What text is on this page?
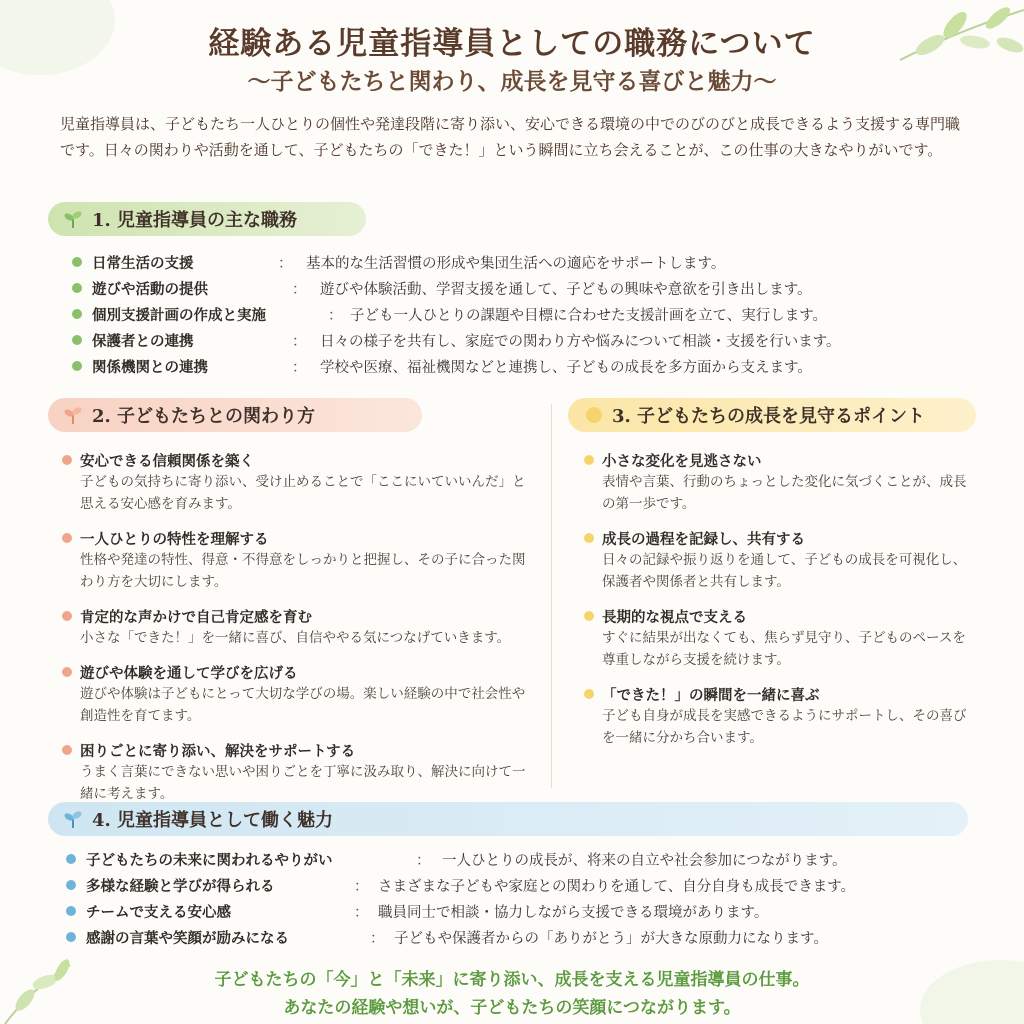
経験ある児童指導員としての職務について
〜子どもたちと関わり、成長を見守る喜びと魅力〜
児童指導員は、子どもたち一人ひとりの個性や発達段階に寄り添い、安心できる環境の中でのびのびと成長できるよう支援する専門職です。日々の関わりや活動を通して、子どもたちの「できた！」という瞬間に立ち会えることが、この仕事の大きなやりがいです。
1. 児童指導員の主な職務
日常生活の支援	： 基本的な生活習慣の形成や集団生活への適応をサポートします。
遊びや活動の提供	： 遊びや体験活動、学習支援を通して、子どもの興味や意欲を引き出します。
個別支援計画の作成と実施	： 子ども一人ひとりの課題や目標に合わせた支援計画を立て、実行します。
保護者との連携	： 日々の様子を共有し、家庭での関わり方や悩みについて相談・支援を行います。
関係機関との連携	： 学校や医療、福祉機関などと連携し、子どもの成長を多方面から支えます。
2. 子どもたちとの関わり方
安心できる信頼関係を築く
子どもの気持ちに寄り添い、受け止めることで「ここにいていいんだ」と思える安心感を育みます。
一人ひとりの特性を理解する
性格や発達の特性、得意・不得意をしっかりと把握し、その子に合った関わり方を大切にします。
肯定的な声かけで自己肯定感を育む
小さな「できた！」を一緒に喜び、自信ややる気につなげていきます。
遊びや体験を通して学びを広げる
遊びや体験は子どもにとって大切な学びの場。楽しい経験の中で社会性や創造性を育てます。
困りごとに寄り添い、解決をサポートする
うまく言葉にできない思いや困りごとを丁寧に汲み取り、解決に向けて一緒に考えます。
3. 子どもたちの成長を見守るポイント
小さな変化を見逃さない
表情や言葉、行動のちょっとした変化に気づくことが、成長の第一歩です。
成長の過程を記録し、共有する
日々の記録や振り返りを通して、子どもの成長を可視化し、保護者や関係者と共有します。
長期的な視点で支える
すぐに結果が出なくても、焦らず見守り、子どものペースを尊重しながら支援を続けます。
「できた！」の瞬間を一緒に喜ぶ
子ども自身が成長を実感できるようにサポートし、その喜びを一緒に分かち合います。
4. 児童指導員として働く魅力
子どもたちの未来に関われるやりがい	： 一人ひとりの成長が、将来の自立や社会参加につながります。
多様な経験と学びが得られる	： さまざまな子どもや家庭との関わりを通して、自分自身も成長できます。
チームで支える安心感	： 職員同士で相談・協力しながら支援できる環境があります。
感謝の言葉や笑顔が励みになる	： 子どもや保護者からの「ありがとう」が大きな原動力になります。
子どもたちの「今」と「未来」に寄り添い、成長を支える児童指導員の仕事。
あなたの経験や想いが、子どもたちの笑顔につながります。
